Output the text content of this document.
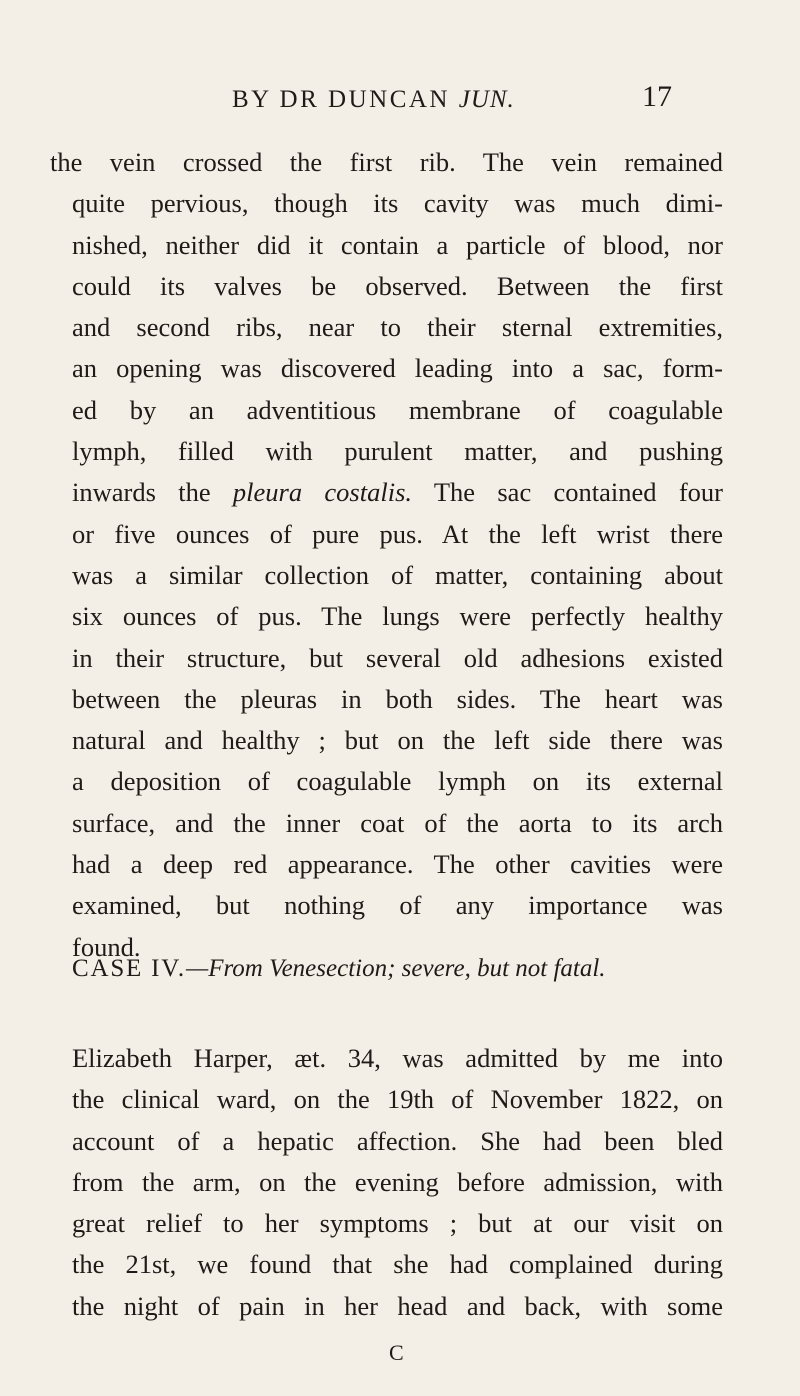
BY DR DUNCAN JUN.	17
the vein crossed the first rib. The vein remained
quite pervious, though its cavity was much dimi-
nished, neither did it contain a particle of blood, nor
could its valves be observed. Between the first
and second ribs, near to their sternal extremities,
an opening was discovered leading into a sac, form-
ed by an adventitious membrane of coagulable
lymph, filled with purulent matter, and pushing
inwards the pleura costalis. The sac contained four
or five ounces of pure pus. At the left wrist there
was a similar collection of matter, containing about
six ounces of pus. The lungs were perfectly healthy
in their structure, but several old adhesions existed
between the pleuras in both sides. The heart was
natural and healthy ; but on the left side there was
a deposition of coagulable lymph on its external
surface, and the inner coat of the aorta to its arch
had a deep red appearance. The other cavities were
examined, but nothing of any importance was
found.
CASE IV.—From Venesection; severe, but not fatal.
Elizabeth Harper, æt. 34, was admitted by me into
the clinical ward, on the 19th of November 1822, on
account of a hepatic affection. She had been bled
from the arm, on the evening before admission, with
great relief to her symptoms ; but at our visit on
the 21st, we found that she had complained during
the night of pain in her head and back, with some
C
